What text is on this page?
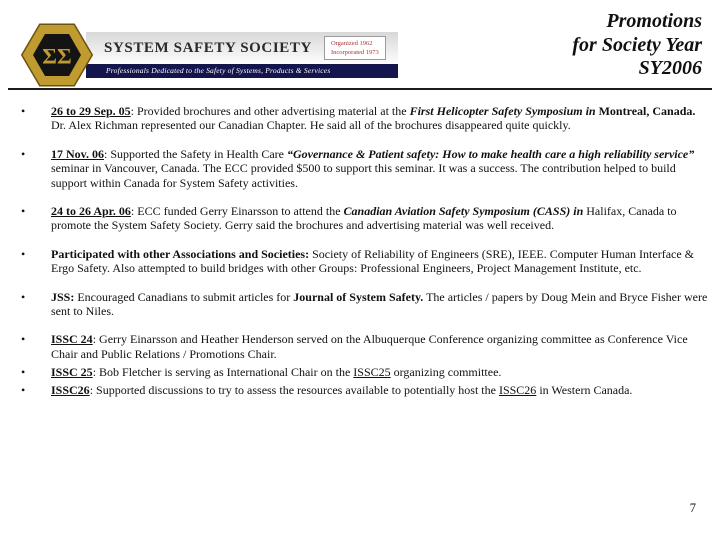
ΣΣ SYSTEM SAFETY SOCIETY	Organized 1962
Incorporated 1973
Professionals Dedicated to the Safety of Systems, Products & Services
Promotions
for Society Year
SY2006
• 26 to 29 Sep. 05: Provided brochures and other advertising material at the First Helicopter Safety Symposium in Montreal, Canada. Dr. Alex Richman represented our Canadian Chapter. He said all of the brochures disappeared quite quickly.
• 17 Nov. 06: Supported the Safety in Health Care “Governance & Patient safety: How to make health care a high reliability service” seminar in Vancouver, Canada. The ECC provided $500 to support this seminar. It was a success. The contribution helped to build support within Canada for System Safety activities.
• 24 to 26 Apr. 06: ECC funded Gerry Einarsson to attend the Canadian Aviation Safety Symposium (CASS) in Halifax, Canada to promote the System Safety Society. Gerry said the brochures and advertising material was well received.
• Participated with other Associations and Societies: Society of Reliability of Engineers (SRE), IEEE. Computer Human Interface & Ergo Safety. Also attempted to build bridges with other Groups: Professional Engineers, Project Management Institute, etc.
• JSS: Encouraged Canadians to submit articles for Journal of System Safety. The articles / papers by Doug Mein and Bryce Fisher were sent to Niles.
• ISSC 24: Gerry Einarsson and Heather Henderson served on the Albuquerque Conference organizing committee as Conference Vice Chair and Public Relations / Promotions Chair.
• ISSC 25: Bob Fletcher is serving as International Chair on the ISSC25 organizing committee.
• ISSC26: Supported discussions to try to assess the resources available to potentially host the ISSC26 in Western Canada.
7
